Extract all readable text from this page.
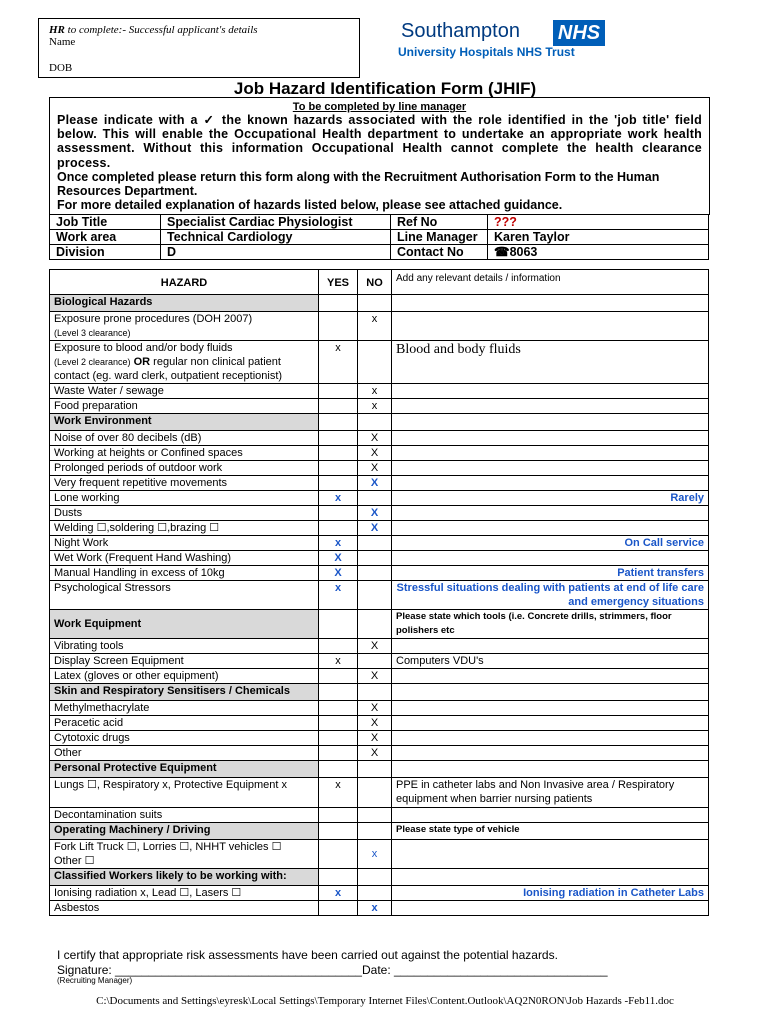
HR to complete:- Successful applicant's details
Name
DOB
Southampton NHS
University Hospitals NHS Trust
Job Hazard Identification Form (JHIF)
To be completed by line manager
Please indicate with a ✓ the known hazards associated with the role identified in the 'job title' field below. This will enable the Occupational Health department to undertake an appropriate work health assessment. Without this information Occupational Health cannot complete the health clearance process.
Once completed please return this form along with the Recruitment Authorisation Form to the Human Resources Department.
For more detailed explanation of hazards listed below, please see attached guidance.
Job Title	Specialist Cardiac Physiologist	Ref No	???
Work area	Technical Cardiology	Line Manager	Karen Taylor
Division	D	Contact No	☎8063
HAZARD	YES	NO	Add any relevant details / information
Biological Hazards			
Exposure prone procedures (DOH 2007)
(Level 3 clearance)		x	
Exposure to blood and/or body fluids
(Level 2 clearance) OR regular non clinical patient contact (eg. ward clerk, outpatient receptionist)	x		Blood and body fluids
Waste Water / sewage		x	
Food preparation		x	
Work Environment			
Noise of over 80 decibels (dB)		X	
Working at heights or Confined spaces		X	
Prolonged periods of outdoor work		X	
Very frequent repetitive movements		X	
Lone working	x		Rarely
Dusts		X	
Welding ☐,soldering ☐,brazing ☐		X	
Night Work	x		On Call service
Wet Work (Frequent Hand Washing)	X		
Manual Handling in excess of 10kg	X		Patient transfers
Psychological Stressors	x		Stressful situations dealing with patients at end of life care and emergency situations
Work Equipment			Please state which tools (i.e. Concrete drills, strimmers, floor polishers etc
Vibrating tools		X	
Display Screen Equipment	x		Computers VDU's
Latex (gloves or other equipment)		X	
Skin and Respiratory Sensitisers / Chemicals			
Methylmethacrylate		X	
Peracetic acid		X	
Cytotoxic drugs		X	
Other		X	
Personal Protective Equipment			
Lungs ☐, Respiratory x, Protective Equipment x	x		PPE in catheter labs and Non Invasive area / Respiratory equipment when barrier nursing patients
Decontamination suits			
Operating Machinery / Driving			Please state type of vehicle
Fork Lift Truck ☐, Lorries ☐, NHHT vehicles ☐
Other ☐		x	
Classified Workers likely to be working with:			
Ionising radiation x, Lead ☐, Lasers ☐	x		Ionising radiation in Catheter Labs
Asbestos		x	
I certify that appropriate risk assessments have been carried out against the potential hazards.
Signature: _____________________________________Date: ________________________________
(Recruiting Manager)
C:\Documents and Settings\eyresk\Local Settings\Temporary Internet Files\Content.Outlook\AQ2N0RON\Job Hazards -Feb11.doc
